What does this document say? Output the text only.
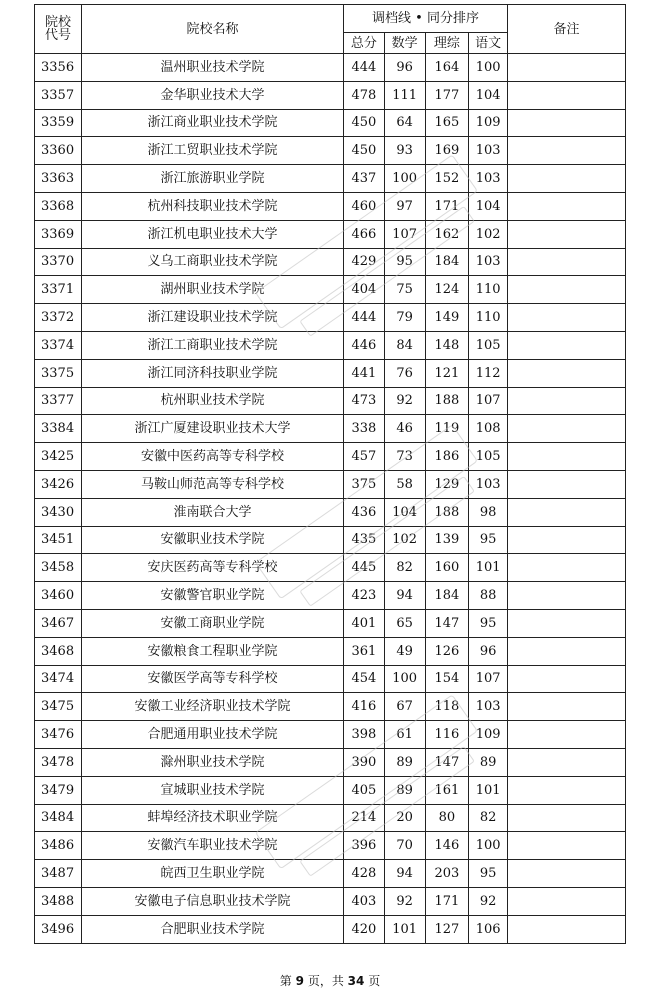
院校
代号	院校名称	调档线 • 同分排序				备注
		总分	数学	理综	语文	
3356	温州职业技术学院	444	96	164	100	
3357	金华职业技术大学	478	111	177	104	
3359	浙江商业职业技术学院	450	64	165	109	
3360	浙江工贸职业技术学院	450	93	169	103	
3363	浙江旅游职业学院	437	100	152	103	
3368	杭州科技职业技术学院	460	97	171	104	
3369	浙江机电职业技术大学	466	107	162	102	
3370	义乌工商职业技术学院	429	95	184	103	
3371	湖州职业技术学院	404	75	124	110	
3372	浙江建设职业技术学院	444	79	149	110	
3374	浙江工商职业技术学院	446	84	148	105	
3375	浙江同济科技职业学院	441	76	121	112	
3377	杭州职业技术学院	473	92	188	107	
3384	浙江广厦建设职业技术大学	338	46	119	108	
3425	安徽中医药高等专科学校	457	73	186	105	
3426	马鞍山师范高等专科学校	375	58	129	103	
3430	淮南联合大学	436	104	188	98	
3451	安徽职业技术学院	435	102	139	95	
3458	安庆医药高等专科学校	445	82	160	101	
3460	安徽警官职业学院	423	94	184	88	
3467	安徽工商职业学院	401	65	147	95	
3468	安徽粮食工程职业学院	361	49	126	96	
3474	安徽医学高等专科学校	454	100	154	107	
3475	安徽工业经济职业技术学院	416	67	118	103	
3476	合肥通用职业技术学院	398	61	116	109	
3478	滁州职业技术学院	390	89	147	89	
3479	宣城职业技术学院	405	89	161	101	
3484	蚌埠经济技术职业学院	214	20	80	82	
3486	安徽汽车职业技术学院	396	70	146	100	
3487	皖西卫生职业学院	428	94	203	95	
3488	安徽电子信息职业技术学院	403	92	171	92	
3496	合肥职业技术学院	420	101	127	106	
第 9 页，共 34 页
